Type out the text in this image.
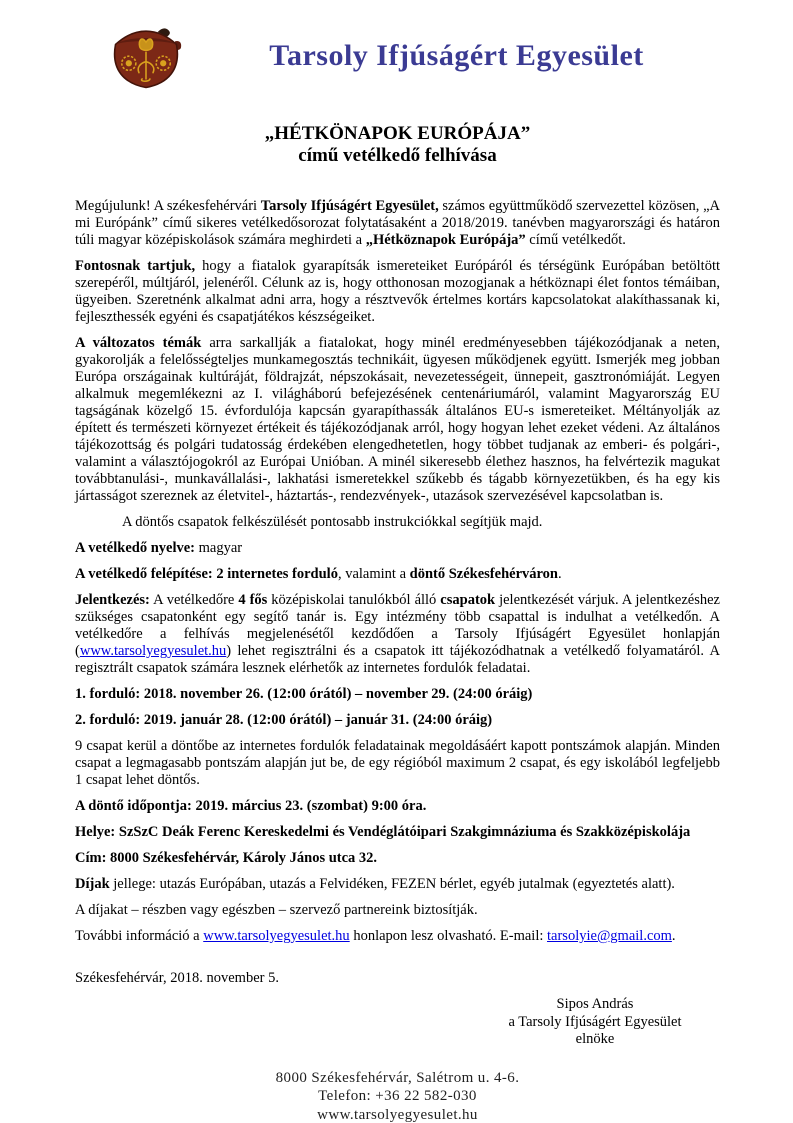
Tarsoly Ifjúságért Egyesület
„HÉTKÖNAPOK EURÓPÁJA”
című vetélkedő felhívása

Megújulunk! A székesfehérvári Tarsoly Ifjúságért Egyesület, számos együttműködő szervezettel közösen, „A mi Európánk” című sikeres vetélkedősorozat folytatásaként a 2018/2019. tanévben magyarországi és határon túli magyar középiskolások számára meghirdeti a „Hétköznapok Európája” című vetélkedőt.

Fontosnak tartjuk, hogy a fiatalok gyarapítsák ismereteiket Európáról és térségünk Európában betöltött szerepéről, múltjáról, jelenéről. Célunk az is, hogy otthonosan mozogjanak a hétköznapi élet fontos témáiban, ügyeiben. Szeretnénk alkalmat adni arra, hogy a résztvevők értelmes kortárs kapcsolatokat alakíthassanak ki, fejleszthessék egyéni és csapatjátékos készségeiket.

A változatos témák arra sarkallják a fiatalokat, hogy minél eredményesebben tájékozódjanak a neten, gyakorolják a felelősségteljes munkamegosztás technikáit, ügyesen működjenek együtt. Ismerjék meg jobban Európa országainak kultúráját, földrajzát, népszokásait, nevezetességeit, ünnepeit, gasztronómiáját. Legyen alkalmuk megemlékezni az I. világháború befejezésének centenáriumáról, valamint Magyarország EU tagságának közelgő 15. évfordulója kapcsán gyarapíthassák általános EU-s ismereteiket. Méltányolják az épített és természeti környezet értékeit és tájékozódjanak arról, hogy hogyan lehet ezeket védeni. Az általános tájékozottság és polgári tudatosság érdekében elengedhetetlen, hogy többet tudjanak az emberi- és polgári-, valamint a választójogokról az Európai Unióban. A minél sikeresebb élethez hasznos, ha felvértezik magukat továbbtanulási-, munkavállalási-, lakhatási ismeretekkel szűkebb és tágabb környezetükben, és ha egy kis jártasságot szereznek az életvitel-, háztartás-, rendezvények-, utazások szervezésével kapcsolatban is.

A döntős csapatok felkészülését pontosabb instrukciókkal segítjük majd.

A vetélkedő nyelve: magyar

A vetélkedő felépítése: 2 internetes forduló, valamint a döntő Székesfehérváron.

Jelentkezés: A vetélkedőre 4 fős középiskolai tanulókból álló csapatok jelentkezését várjuk. A jelentkezéshez szükséges csapatonként egy segítő tanár is. Egy intézmény több csapattal is indulhat a vetélkedőn. A vetélkedőre a felhívás megjelenésétől kezdődően a Tarsoly Ifjúságért Egyesület honlapján (www.tarsolyegyesulet.hu) lehet regisztrálni és a csapatok itt tájékozódhatnak a vetélkedő folyamatáról. A regisztrált csapatok számára lesznek elérhetők az internetes fordulók feladatai.

1. forduló: 2018. november 26. (12:00 órától) – november 29. (24:00 óráig)

2. forduló: 2019. január 28. (12:00 órától) – január 31. (24:00 óráig)

9 csapat kerül a döntőbe az internetes fordulók feladatainak megoldásáért kapott pontszámok alapján. Minden csapat a legmagasabb pontszám alapján jut be, de egy régióból maximum 2 csapat, és egy iskolából legfeljebb 1 csapat lehet döntős.

A döntő időpontja: 2019. március 23. (szombat) 9:00 óra.

Helye: SzSzC Deák Ferenc Kereskedelmi és Vendéglátóipari Szakgimnáziuma és Szakközépiskolája

Cím: 8000 Székesfehérvár, Károly János utca 32.

Díjak jellege: utazás Európában, utazás a Felvidéken, FEZEN bérlet, egyéb jutalmak (egyeztetés alatt).

A díjakat – részben vagy egészben – szervező partnereink biztosítják.

További információ a www.tarsolyegyesulet.hu honlapon lesz olvasható. E-mail: tarsolyie@gmail.com.

Székesfehérvár, 2018. november 5.

Sipos András
a Tarsoly Ifjúságért Egyesület
elnöke
8000 Székesfehérvár, Salétrom u. 4-6.
Telefon: +36 22 582-030
www.tarsolyegyesulet.hu
